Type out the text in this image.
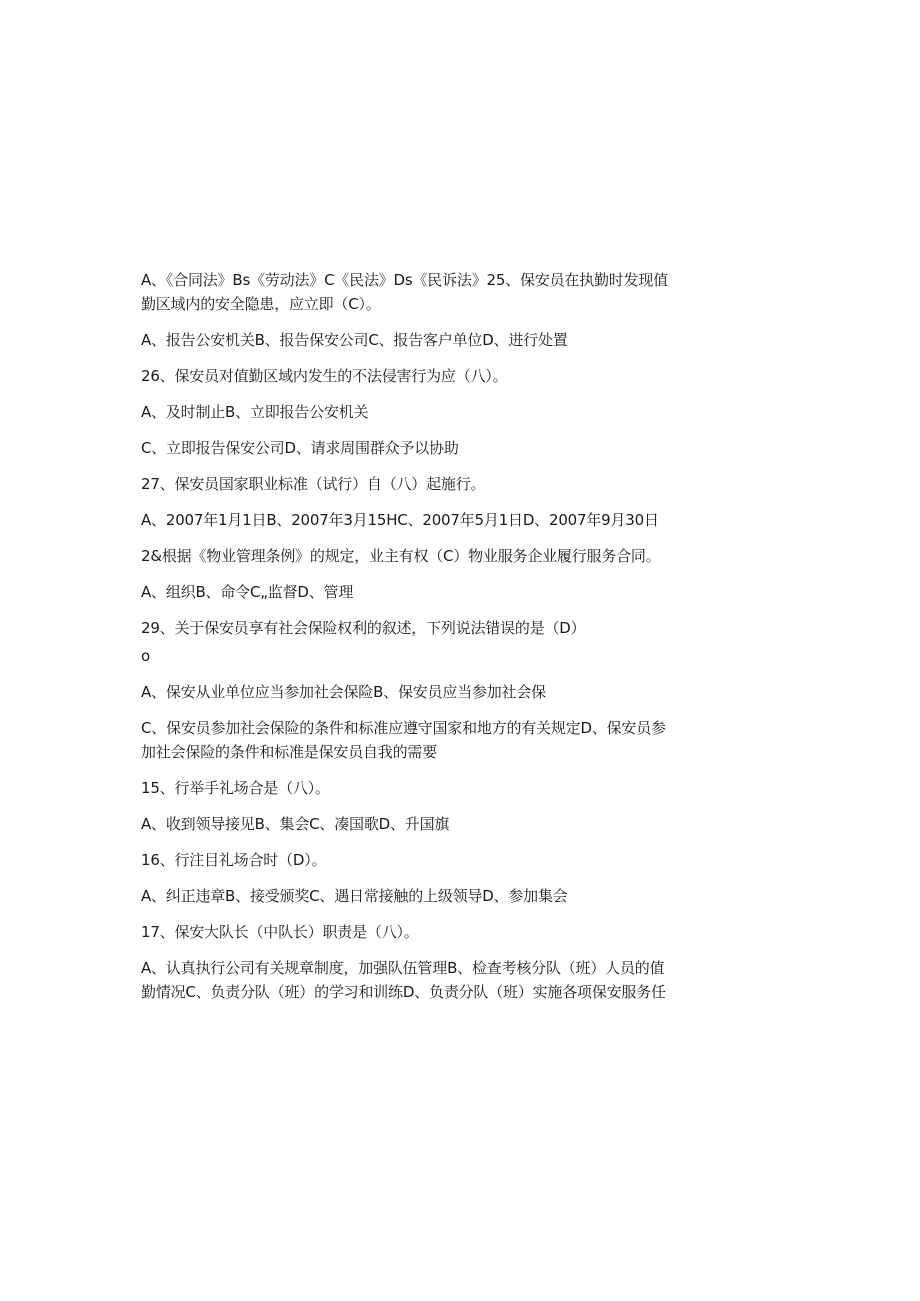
A、《合同法》Bs《劳动法》C《民法》Ds《民诉法》25、保安员在执勤时发现值
勤区域内的安全隐患，应立即（C）。

A、报告公安机关B、报告保安公司C、报告客户单位D、进行处置

26、保安员对值勤区域内发生的不法侵害行为应（八）。

A、及时制止B、立即报告公安机关

C、立即报告保安公司D、请求周围群众予以协助

27、保安员国家职业标准（试行）自（八）起施行。

A、2007年1月1日B、2007年3月15HC、2007年5月1日D、2007年9月30日

2&根据《物业管理条例》的规定，业主有权（C）物业服务企业履行服务合同。

A、组织B、命令C„监督D、管理

29、关于保安员享有社会保险权利的叙述，下列说法错误的是（D）

o

A、保安从业单位应当参加社会保险B、保安员应当参加社会保

C、保安员参加社会保险的条件和标准应遵守国家和地方的有关规定D、保安员参
加社会保险的条件和标准是保安员自我的需要

15、行举手礼场合是（八）。

A、收到领导接见B、集会C、凑国歌D、升国旗

16、行注目礼场合时（D）。

A、纠正违章B、接受颁奖C、遇日常接触的上级领导D、参加集会

17、保安大队长（中队长）职责是（八）。

A、认真执行公司有关规章制度，加强队伍管理B、检查考核分队（班）人员的值
勤情况C、负责分队（班）的学习和训练D、负责分队（班）实施各项保安服务任
